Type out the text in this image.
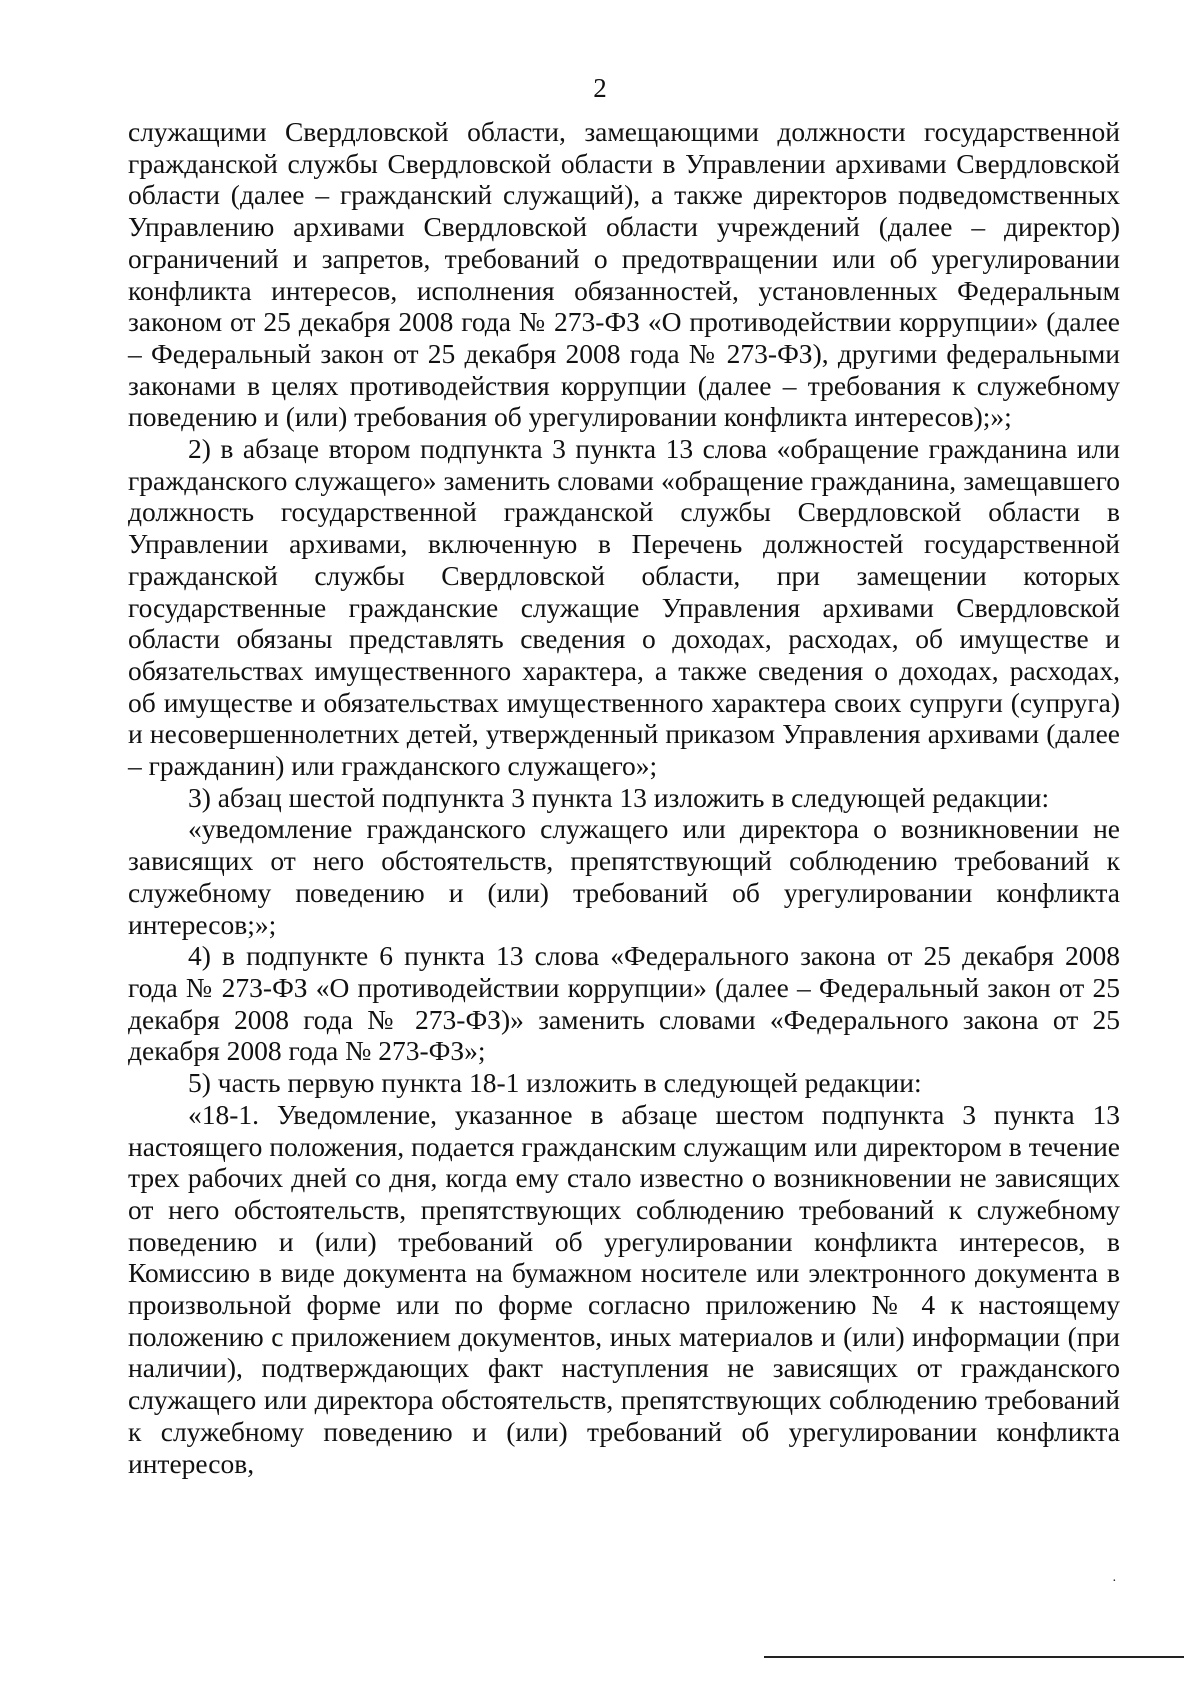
2

служащими Свердловской области, замещающими должности государственной гражданской службы Свердловской области в Управлении архивами Свердловской области (далее – гражданский служащий), а также директоров подведомственных Управлению архивами Свердловской области учреждений (далее – директор) ограничений и запретов, требований о предотвращении или об урегулировании конфликта интересов, исполнения обязанностей, установленных Федеральным законом от 25 декабря 2008 года № 273-ФЗ «О противодействии коррупции» (далее – Федеральный закон от 25 декабря 2008 года № 273-ФЗ), другими федеральными законами в целях противодействия коррупции (далее – требования к служебному поведению и (или) требования об урегулировании конфликта интересов);»;

2) в абзаце втором подпункта 3 пункта 13 слова «обращение гражданина или гражданского служащего» заменить словами «обращение гражданина, замещавшего должность государственной гражданской службы Свердловской области в Управлении архивами, включенную в Перечень должностей государственной гражданской службы Свердловской области, при замещении которых государственные гражданские служащие Управления архивами Свердловской области обязаны представлять сведения о доходах, расходах, об имуществе и обязательствах имущественного характера, а также сведения о доходах, расходах, об имуществе и обязательствах имущественного характера своих супруги (супруга) и несовершеннолетних детей, утвержденный приказом Управления архивами (далее – гражданин) или гражданского служащего»;

3) абзац шестой подпункта 3 пункта 13 изложить в следующей редакции:

«уведомление гражданского служащего или директора о возникновении не зависящих от него обстоятельств, препятствующий соблюдению требований к служебному поведению и (или) требований об урегулировании конфликта интересов;»;

4) в подпункте 6 пункта 13 слова «Федерального закона от 25 декабря 2008 года № 273-ФЗ «О противодействии коррупции» (далее – Федеральный закон от 25 декабря 2008 года № 273-ФЗ)» заменить словами «Федерального закона от 25 декабря 2008 года № 273-ФЗ»;

5) часть первую пункта 18-1 изложить в следующей редакции:

«18-1. Уведомление, указанное в абзаце шестом подпункта 3 пункта 13 настоящего положения, подается гражданским служащим или директором в течение трех рабочих дней со дня, когда ему стало известно о возникновении не зависящих от него обстоятельств, препятствующих соблюдению требований к служебному поведению и (или) требований об урегулировании конфликта интересов, в Комиссию в виде документа на бумажном носителе или электронного документа в произвольной форме или по форме согласно приложению № 4 к настоящему положению с приложением документов, иных материалов и (или) информации (при наличии), подтверждающих факт наступления не зависящих от гражданского служащего или директора обстоятельств, препятствующих соблюдению требований к служебному поведению и (или) требований об урегулировании конфликта интересов,

·
